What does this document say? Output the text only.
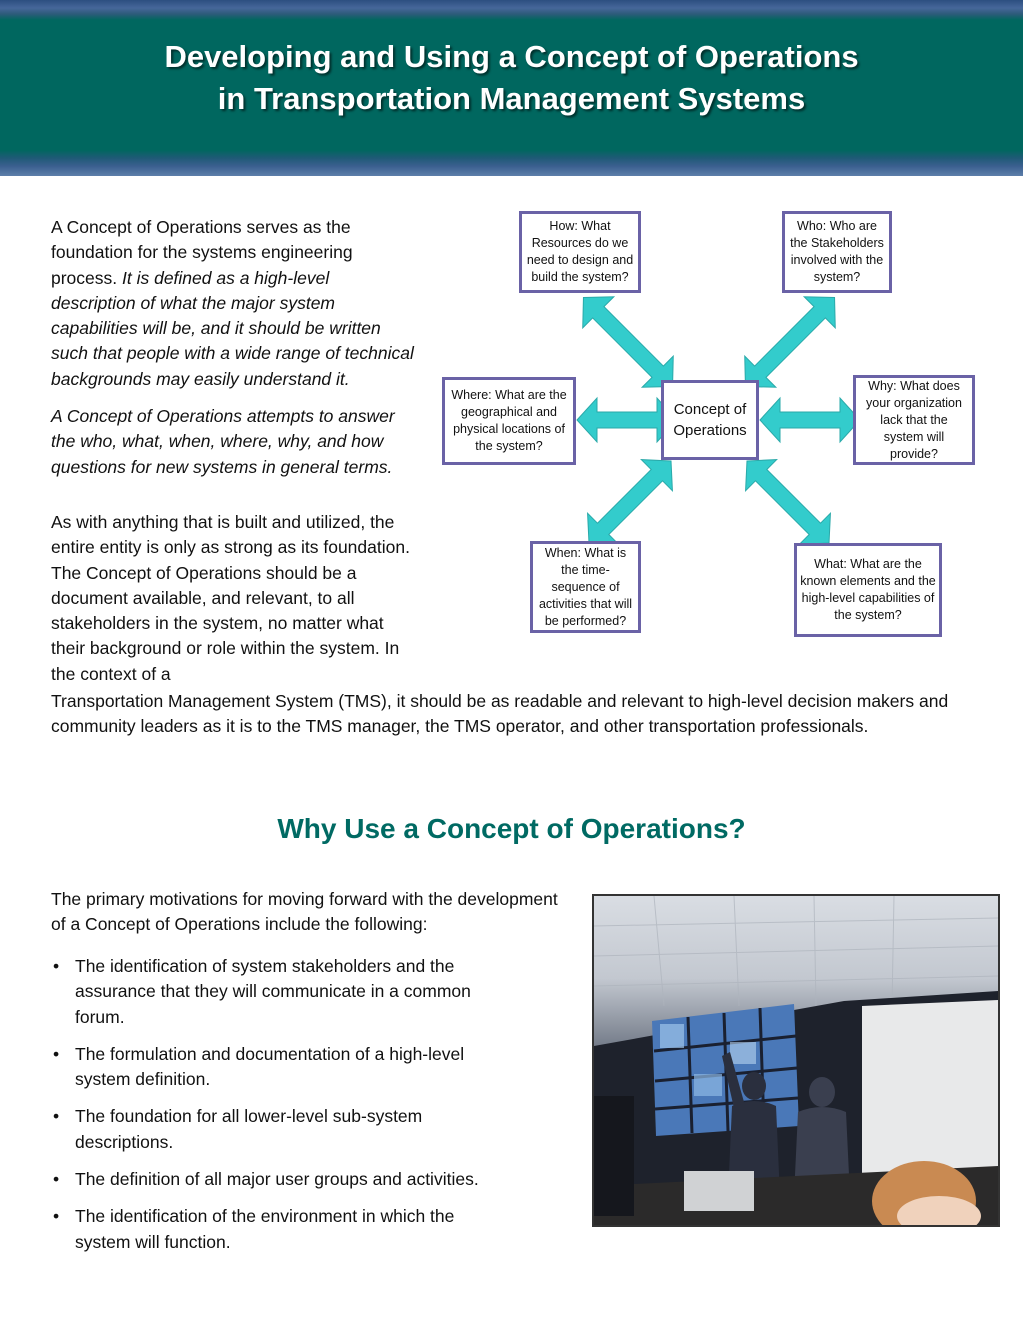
Developing and Using a Concept of Operations
in Transportation Management Systems

A Concept of Operations serves as the foundation for the systems engineering process. It is defined as a high-level description of what the major system capabilities will be, and it should be written such that people with a wide range of technical backgrounds may easily understand it.

A Concept of Operations attempts to answer the who, what, when, where, why, and how questions for new systems in general terms.

As with anything that is built and utilized, the entire entity is only as strong as its foundation. The Concept of Operations should be a document available, and relevant, to all stakeholders in the system, no matter what their background or role within the system. In the context of a

Transportation Management System (TMS), it should be as readable and relevant to high-level decision makers and community leaders as it is to the TMS manager, the TMS operator, and other transportation professionals.

How: What Resources do we need to design and build the system?
Who: Who are the Stakeholders involved with the system?
Where: What are the geographical and physical locations of the system?
Concept of Operations
Why: What does your organization lack that the system will provide?
When: What is the time-sequence of activities that will be performed?
What: What are the known elements and the high-level capabilities of the system?
Why Use a Concept of Operations?

The primary motivations for moving forward with the development of a Concept of Operations include the following:

• The identification of system stakeholders and the assurance that they will communicate in a common forum.
• The formulation and documentation of a high-level system definition.
• The foundation for all lower-level sub-system descriptions.
• The definition of all major user groups and activities.
• The identification of the environment in which the system will function.
